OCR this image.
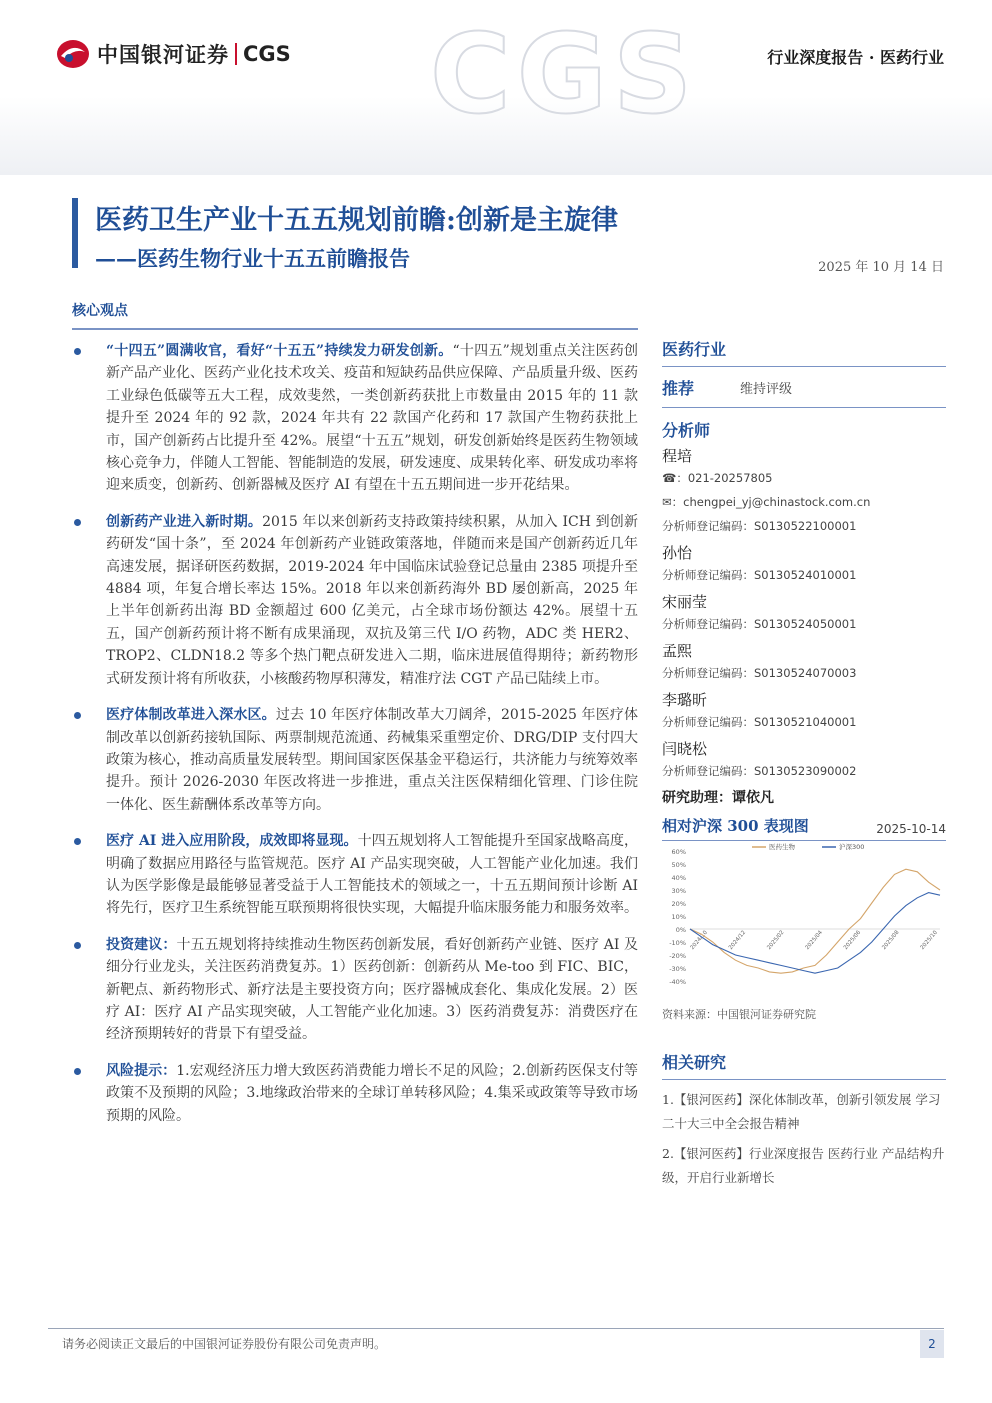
CGS
中国银河证券 CGS	行业深度报告 · 医药行业
医药卫生产业十五五规划前瞻:创新是主旋律
——医药生物行业十五五前瞻报告	2025 年 10 月 14 日
核心观点
“十四五”圆满收官，看好“十五五”持续发力研发创新。“十四五”规划重点关注医药创新产品产业化、医药产业化技术攻关、疫苗和短缺药品供应保障、产品质量升级、医药工业绿色低碳等五大工程，成效斐然，一类创新药获批上市数量由 2015 年的 11 款提升至 2024 年的 92 款，2024 年共有 22 款国产化药和 17 款国产生物药获批上市，国产创新药占比提升至 42%。展望“十五五”规划，研发创新始终是医药生物领域核心竞争力，伴随人工智能、智能制造的发展，研发速度、成果转化率、研发成功率将迎来质变，创新药、创新器械及医疗 AI 有望在十五五期间进一步开花结果。
创新药产业进入新时期。2015 年以来创新药支持政策持续积累，从加入 ICH 到创新药研发“国十条”，至 2024 年创新药产业链政策落地，伴随而来是国产创新药近几年高速发展，据译研医药数据，2019-2024 年中国临床试验登记总量由 2385 项提升至 4884 项，年复合增长率达 15%。2018 年以来创新药海外 BD 屡创新高，2025 年上半年创新药出海 BD 金额超过 600 亿美元，占全球市场份额达 42%。展望十五五，国产创新药预计将不断有成果涌现，双抗及第三代 I/O 药物，ADC 类 HER2、TROP2、CLDN18.2 等多个热门靶点研发进入二期，临床进展值得期待；新药物形式研发预计将有所收获，小核酸药物厚积薄发，精准疗法 CGT 产品已陆续上市。
医疗体制改革进入深水区。过去 10 年医疗体制改革大刀阔斧，2015-2025 年医疗体制改革以创新药接轨国际、两票制规范流通、药械集采重塑定价、DRG/DIP 支付四大政策为核心，推动高质量发展转型。期间国家医保基金平稳运行，共济能力与统筹效率提升。预计 2026-2030 年医改将进一步推进，重点关注医保精细化管理、门诊住院一体化、医生薪酬体系改革等方向。
医疗 AI 进入应用阶段，成效即将显现。十四五规划将人工智能提升至国家战略高度，明确了数据应用路径与监管规范。医疗 AI 产品实现突破，人工智能产业化加速。我们认为医学影像是最能够显著受益于人工智能技术的领域之一，十五五期间预计诊断 AI 将先行，医疗卫生系统智能互联预期将很快实现，大幅提升临床服务能力和服务效率。
投资建议：十五五规划将持续推动生物医药创新发展，看好创新药产业链、医疗 AI 及细分行业龙头，关注医药消费复苏。1）医药创新：创新药从 Me-too 到 FIC、BIC，新靶点、新药物形式、新疗法是主要投资方向；医疗器械成套化、集成化发展。2）医疗 AI：医疗 AI 产品实现突破，人工智能产业化加速。3）医药消费复苏：消费医疗在经济预期转好的背景下有望受益。
风险提示：1.宏观经济压力增大致医药消费能力增长不足的风险；2.创新药医保支付等政策不及预期的风险；3.地缘政治带来的全球订单转移风险；4.集采或政策等导致市场预期的风险。
医药行业
推荐	维持评级
分析师
程培
☎：021-20257805
✉：chengpei_yj@chinastock.com.cn
分析师登记编码：S0130522100001
孙怡
分析师登记编码：S0130524010001
宋丽莹
分析师登记编码：S0130524050001
孟熙
分析师登记编码：S0130524070003
李璐昕
分析师登记编码：S0130521040001
闫晓松
分析师登记编码：S0130523090002
研究助理：谭依凡
相对沪深 300 表现图	2025-10-14
60%
50%
40%
30%
20%
10%
0%
-10%
-20%
-30%
-40%
2024/10	2024/12	2025/02	2025/04	2025/06	2025/08	2025/10
医药生物	沪深300
资料来源：中国银河证券研究院
相关研究
1.【银河医药】深化体制改革，创新引领发展 学习二十大三中全会报告精神
2.【银河医药】行业深度报告 医药行业 产品结构升级，开启行业新增长
请务必阅读正文最后的中国银河证券股份有限公司免责声明。	2
